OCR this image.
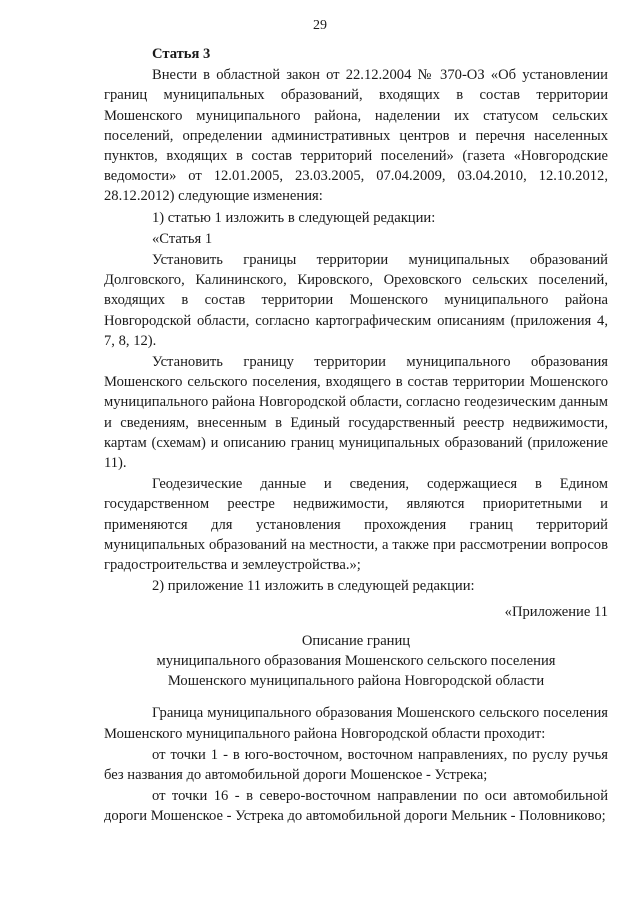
29
Статья 3

Внести в областной закон от 22.12.2004 № 370-ОЗ «Об установлении границ муниципальных образований, входящих в состав территории Мошенского муниципального района, наделении их статусом сельских поселений, определении административных центров и перечня населенных пунктов, входящих в состав территорий поселений» (газета «Новгородские ведомости» от 12.01.2005, 23.03.2005, 07.04.2009, 03.04.2010, 12.10.2012, 28.12.2012) следующие изменения:

1) статью 1 изложить в следующей редакции:

«Статья 1

Установить границы территории муниципальных образований Долговского, Калининского, Кировского, Ореховского сельских поселений, входящих в состав территории Мошенского муниципального района Новгородской области, согласно картографическим описаниям (приложения 4, 7, 8, 12).

Установить границу территории муниципального образования Мошенского сельского поселения, входящего в состав территории Мошенского муниципального района Новгородской области, согласно геодезическим данным и сведениям, внесенным в Единый государственный реестр недвижимости, картам (схемам) и описанию границ муниципальных образований (приложение 11).

Геодезические данные и сведения, содержащиеся в Едином государственном реестре недвижимости, являются приоритетными и применяются для установления прохождения границ территорий муниципальных образований на местности, а также при рассмотрении вопросов градостроительства и землеустройства.»;

2) приложение 11 изложить в следующей редакции:

«Приложение 11
Описание границ
муниципального образования Мошенского сельского поселения
Мошенского муниципального района Новгородской области

Граница муниципального образования Мошенского сельского поселения Мошенского муниципального района Новгородской области проходит:

от точки 1 - в юго-восточном, восточном направлениях, по руслу ручья без названия до автомобильной дороги Мошенское - Устрека;

от точки 16 - в северо-восточном направлении по оси автомобильной дороги Мошенское - Устрека до автомобильной дороги Мельник - Половниково;
